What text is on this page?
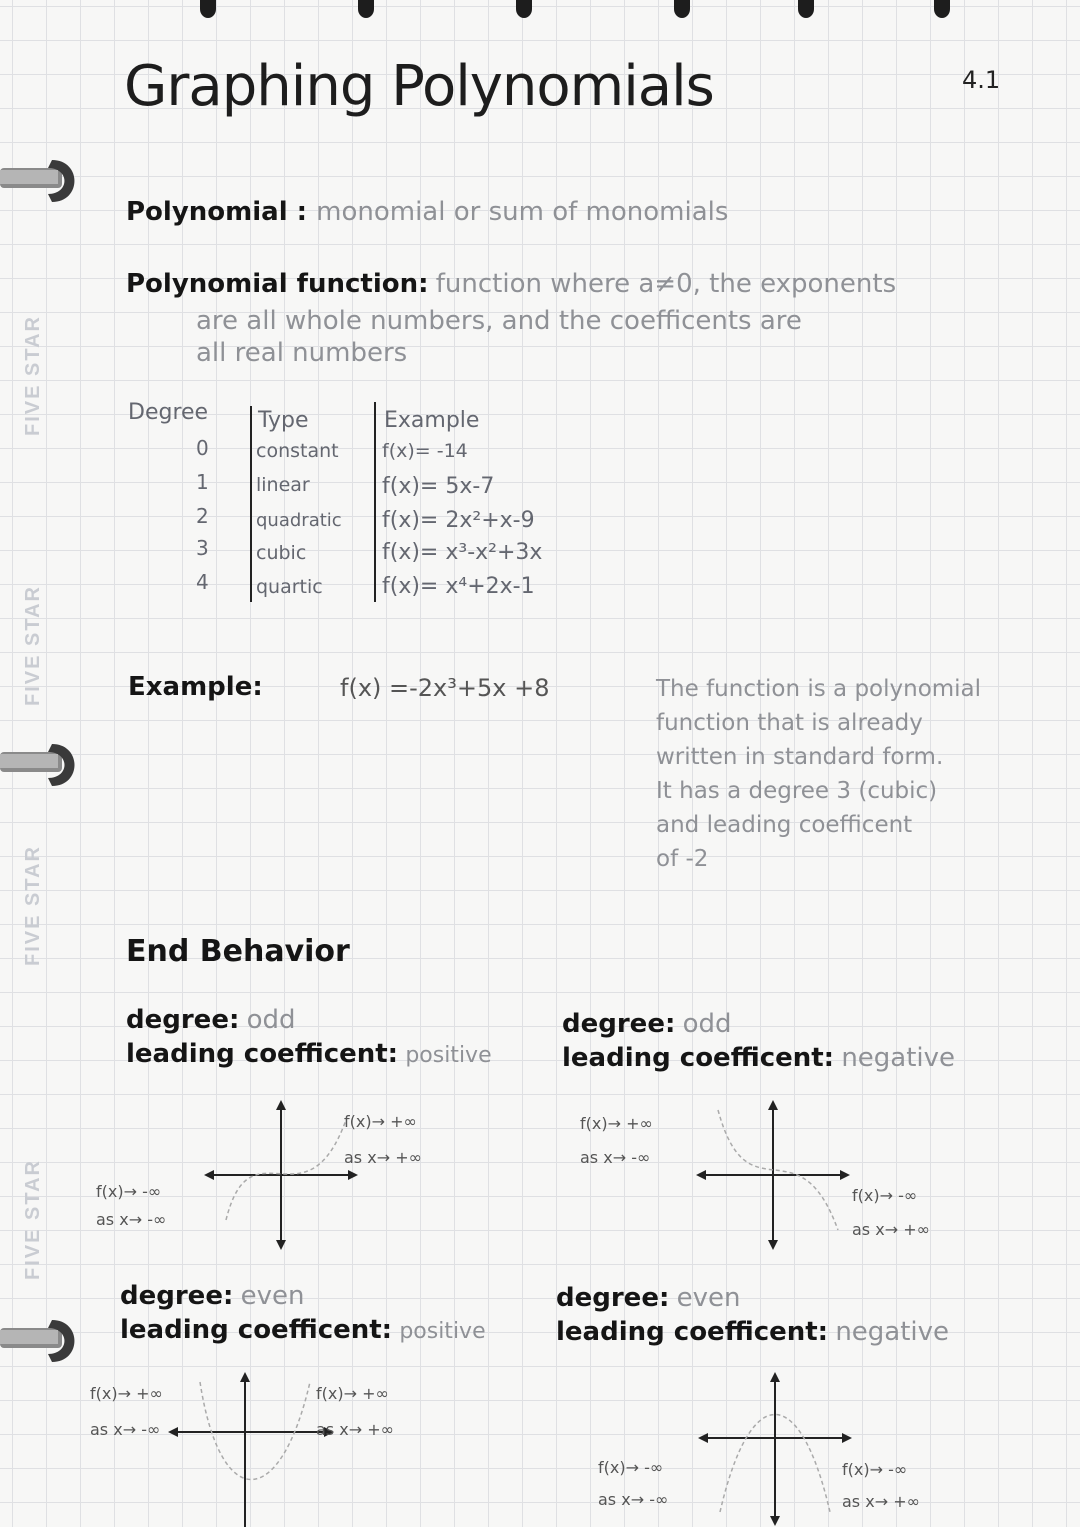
FIVE STAR
FIVE STAR
FIVE STAR
FIVE STAR
Graphing Polynomials	4.1
Polynomial : monomial or sum of monomials
Polynomial function: function where a≠0, the exponents
are all whole numbers, and the coefficents are
all real numbers
Degree Type	Example
0 constant f(x)= -14
1 linear	f(x)= 5x-7
2	quadratic f(x)= 2x²+x-9
3 cubic	f(x)= x³-x²+3x
4 quartic	f(x)= x⁴+2x-1
Example:	f(x) =-2x³+5x +8	The function is a polynomial
function that is already
written in standard form.
It has a degree 3 (cubic)
and leading coefficent
of -2
End Behavior
degree: odd
leading coefficent: positive
f(x)→ -∞
as x→ -∞
f(x)→ +∞
as x→ +∞
degree: odd
leading coefficent: negative
f(x)→ +∞
as x→ -∞
f(x)→ -∞
as x→ +∞
degree: even
leading coefficent: positive
f(x)→ +∞
as x→ -∞
f(x)→ +∞
as x→ +∞
degree: even
leading coefficent: negative
f(x)→ -∞
as x→ -∞
f(x)→ -∞
as x→ +∞
